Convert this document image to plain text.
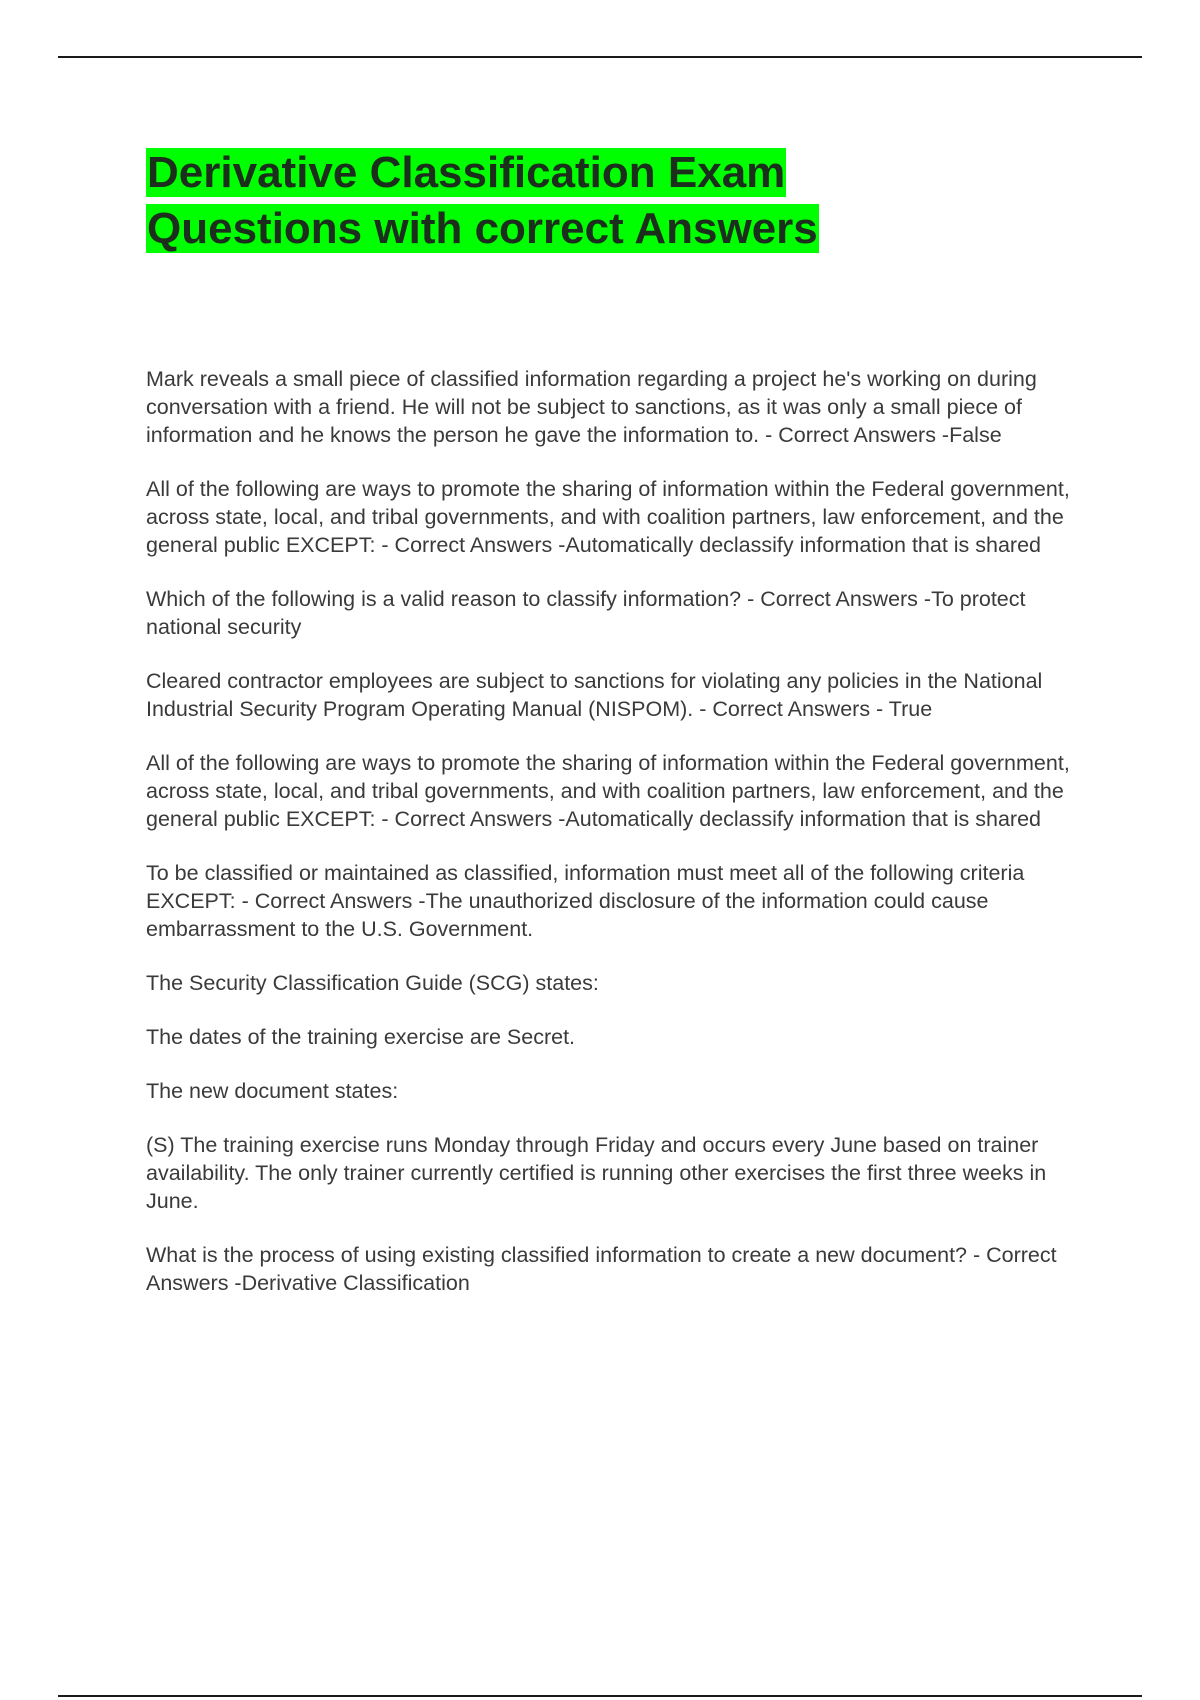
Derivative Classification Exam
Questions with correct Answers

Mark reveals a small piece of classified information regarding a project he's working on during conversation with a friend. He will not be subject to sanctions, as it was only a small piece of information and he knows the person he gave the information to. - Correct Answers -False

All of the following are ways to promote the sharing of information within the Federal government, across state, local, and tribal governments, and with coalition partners, law enforcement, and the general public EXCEPT: - Correct Answers -Automatically declassify information that is shared

Which of the following is a valid reason to classify information? - Correct Answers -To protect national security

Cleared contractor employees are subject to sanctions for violating any policies in the National Industrial Security Program Operating Manual (NISPOM). - Correct Answers - True

All of the following are ways to promote the sharing of information within the Federal government, across state, local, and tribal governments, and with coalition partners, law enforcement, and the general public EXCEPT: - Correct Answers -Automatically declassify information that is shared

To be classified or maintained as classified, information must meet all of the following criteria EXCEPT: - Correct Answers -The unauthorized disclosure of the information could cause embarrassment to the U.S. Government.

The Security Classification Guide (SCG) states:

The dates of the training exercise are Secret.

The new document states:

(S) The training exercise runs Monday through Friday and occurs every June based on trainer availability. The only trainer currently certified is running other exercises the first three weeks in June.

What is the process of using existing classified information to create a new document? - Correct Answers -Derivative Classification
